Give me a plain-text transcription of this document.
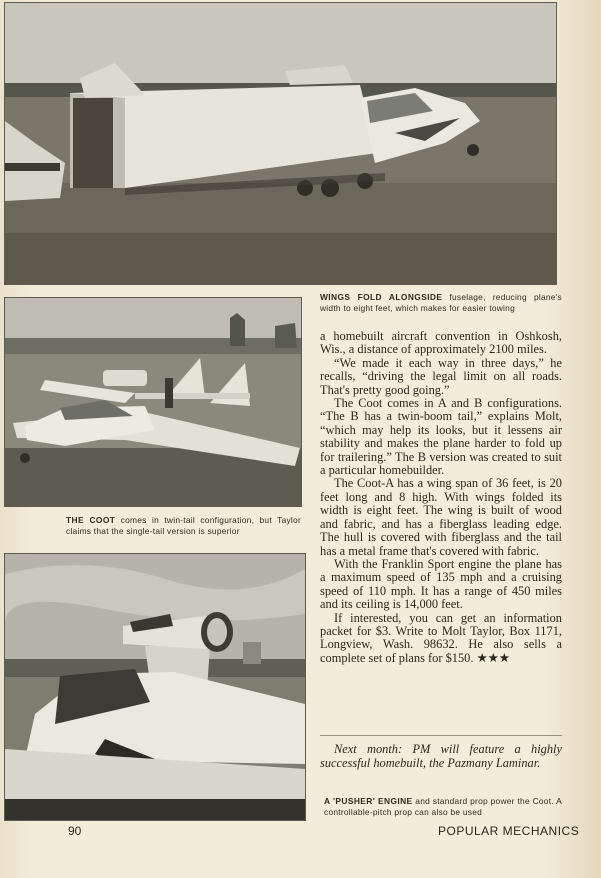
WINGS FOLD ALONGSIDE fuselage, reducing plane's width to eight feet, which makes for easier towing
THE COOT comes in twin-tail configuration, but Taylor claims that the single-tail version is superior
A 'PUSHER' ENGINE and standard prop power the Coot. A controllable-pitch prop can also be used

a homebuilt aircraft convention in Oshkosh, Wis., a distance of approximately 2100 miles.

“We made it each way in three days,” he recalls, “driving the legal limit on all roads. That's pretty good going.”

The Coot comes in A and B configurations. “The B has a twin-boom tail,” explains Molt, “which may help its looks, but it lessens air stability and makes the plane harder to fold up for trailering.” The B version was created to suit a particular homebuilder.

The Coot-A has a wing span of 36 feet, is 20 feet long and 8 high. With wings folded its width is eight feet. The wing is built of wood and fabric, and has a fiberglass leading edge. The hull is covered with fiberglass and the tail has a metal frame that's covered with fabric.

With the Franklin Sport engine the plane has a maximum speed of 135 mph and a cruising speed of 110 mph. It has a range of 450 miles and its ceiling is 14,000 feet.

If interested, you can get an information packet for $3. Write to Molt Taylor, Box 1171, Longview, Wash. 98632. He also sells a complete set of plans for $150. ★★★

Next month: PM will feature a highly successful homebuilt, the Pazmany Laminar.
90	POPULAR MECHANICS
